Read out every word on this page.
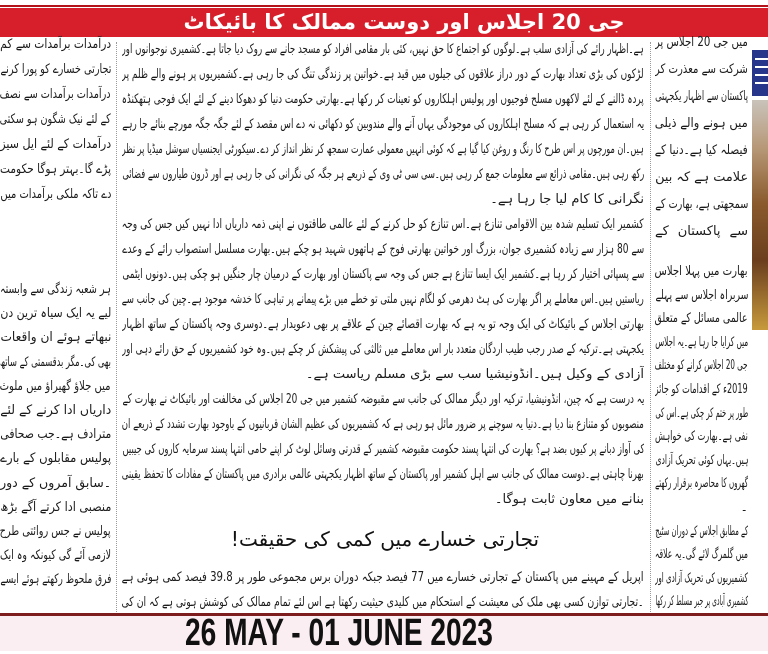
جی 20 اجلاس اور دوست ممالک کا بائیکاٹ
درآمدات برآمدات سے کم
تجارتی خسارے کو پورا کرنے
درآمدات برآمدات سے نصف
کے لئے نیک شگون ہو سکتی
درآمدات کے لئے ایل سیز
پڑے گا۔بہتر ہوگا حکومت
دے تاکہ ملکی برآمدات میں
ہر شعبہ زندگی سے وابستہ
لیے یہ ایک سیاہ ترین دن
نبھاتے ہوئے ان واقعات
بھی کی۔مگر بدقسمتی کے ساتھ
میں جلاؤ گھیراؤ میں ملوث
داریاں ادا کرنے کے لئے
مترادف ہے۔جب صحافی
پولیس مقابلوں کے بارے
۔سابق آمروں کے دور
منصبی ادا کرتے آگے بڑھ
پولیس نے جس روائتی طرح
لازمی آئے گی کیونکہ وہ ایک
فرق ملحوظ رکھتے ہوئے ایسے
ہے۔اظہار رائے کی آزادی سلب ہے۔لوگوں کو اجتماع کا حق نہیں، کئی بار مقامی افراد کو مسجد جانے سے روک دیا جاتا ہے۔کشمیری نوجوانوں اور
لڑکوں کی بڑی تعداد بھارت کے دور دراز علاقوں کی جیلوں میں قید ہے۔خواتین پر زندگی تنگ کی جا رہی ہے۔کشمیریوں پر ہونے والے ظلم پر
پردہ ڈالنے کے لئے لاکھوں مسلح فوجیوں اور پولیس اہلکاروں کو تعینات کر رکھا ہے۔بھارتی حکومت دنیا کو دھوکا دینے کے لئے ایک فوجی ہتھکنڈہ
یہ استعمال کر رہی ہے کہ مسلح اہلکاروں کی موجودگی یہاں آنے والے مندوبین کو دکھائی نہ دے اس مقصد کے لئے جگہ جگہ مورچے بنائے جا رہے
ہیں۔ان مورچوں پر اس طرح کا رنگ و روغن کیا گیا ہے کہ کوئی انہیں معمولی عمارت سمجھ کر نظر انداز کر دے۔سیکورٹی ایجنسیاں سوشل میڈیا پر نظر
رکھ رہی ہیں۔مقامی ذرائع سے معلومات جمع کر رہی ہیں۔سی سی ٹی وی کے ذریعے ہر جگہ کی نگرانی کی جا رہی ہے اور ڈرون طیاروں سے فضائی
نگرانی کا کام لیا جا رہا ہے۔
کشمیر ایک تسلیم شدہ بین الاقوامی تنازع ہے۔اس تنازع کو حل کرنے کے لئے عالمی طاقتوں نے اپنی ذمہ داریاں ادا نہیں کیں جس کی وجہ
سے 80 ہزار سے زیادہ کشمیری جوان، بزرگ اور خواتین بھارتی فوج کے ہاتھوں شہید ہو چکے ہیں۔بھارت مسلسل استصواب رائے کے وعدے
سے پسپائی اختیار کر رہا ہے۔کشمیر ایک ایسا تنازع ہے جس کی وجہ سے پاکستان اور بھارت کے درمیان چار جنگیں ہو چکی ہیں۔دونوں ایٹمی
ریاستیں ہیں۔اس معاملے پر اگر بھارت کی ہٹ دھرمی کو لگام نہیں ملتی تو خطے میں بڑے پیمانے پر تباہی کا خدشہ موجود ہے۔چین کی جانب سے
بھارتی اجلاس کے بائیکاٹ کی ایک وجہ تو یہ ہے کہ بھارت اقصائے چین کے علاقے پر بھی دعویدار ہے۔دوسری وجہ پاکستان کے ساتھ اظہار
یکجہتی ہے۔ترکیہ کے صدر رجب طیب اردگان متعدد بار اس معاملے میں ثالثی کی پیشکش کر چکے ہیں۔وہ خود کشمیریوں کے حق رائے دہی اور
آزادی کے وکیل ہیں۔انڈونیشیا سب سے بڑی مسلم ریاست ہے۔
یہ درست ہے کہ چین، انڈونیشیا، ترکیہ اور دیگر ممالک کی جانب سے مقبوضہ کشمیر میں جی 20 اجلاس کی مخالفت اور بائیکاٹ نے بھارت کے
منصوبوں کو متنازع بنا دیا ہے۔دنیا یہ سوچنے پر ضرور مائل ہو رہی ہے کہ کشمیریوں کی عظیم الشان قربانیوں کے باوجود بھارت تشدد کے ذریعے ان
کی آواز دبانے پر کیوں بضد ہے؟ بھارت کی انتہا پسند حکومت مقبوضہ کشمیر کے قدرتی وسائل لوٹ کر اپنے حامی انتہا پسند سرمایہ کاروں کی جیبیں
بھرنا چاہتی ہے۔دوست ممالک کی جانب سے اہل کشمیر اور پاکستان کے ساتھ اظہار یکجہتی عالمی برادری میں پاکستان کے مفادات کا تحفظ یقینی
بنانے میں معاون ثابت ہوگا۔
اپریل کے مہینے میں پاکستان کے تجارتی خسارے میں 77 فیصد جبکہ دوران برس مجموعی طور پر 39.8 فیصد کمی ہوئی ہے
۔تجارتی توازن کسی بھی ملک کی معیشت کے استحکام میں کلیدی حیثیت رکھتا ہے اس لئے تمام ممالک کی کوشش ہوتی ہے کہ ان کی
میں جی 20 اجلاس پر
شرکت سے معذرت کر
پاکستان سے اظہار یکجہتی
میں ہونے والے ذیلی
فیصلہ کیا ہے۔دنیا کے
علامت ہے کہ بین
سمجھتی ہے، بھارت کے
سے پاکستان کے
بھارت میں پہلا اجلاس
سربراہ اجلاس سے پہلے
عالمی مسائل کے متعلق
میں کرایا جا رہا ہے۔یہ اجلاس
جی 20 اجلاس کرانے کو مختلف
2019ء کے اقدامات کو جائز
طور پر ختم کر چکی ہے۔اس کی
نفی ہے۔بھارت کی خواہش
ہیں۔یہاں کوئی تحریک آزادی
گھروں کا محاصرہ برقرار رکھتے
۔
کے مطابق اجلاس کے دوران سٹیج
میں گلمرگ لائے گی۔یہ علاقہ
کشمیریوں کی تحریک آزادی اور
کشمیری آبادی پر جبر مسلط کر رکھا
تجارتی خسارے میں کمی کی حقیقت!
26 MAY - 01 JUNE 2023
